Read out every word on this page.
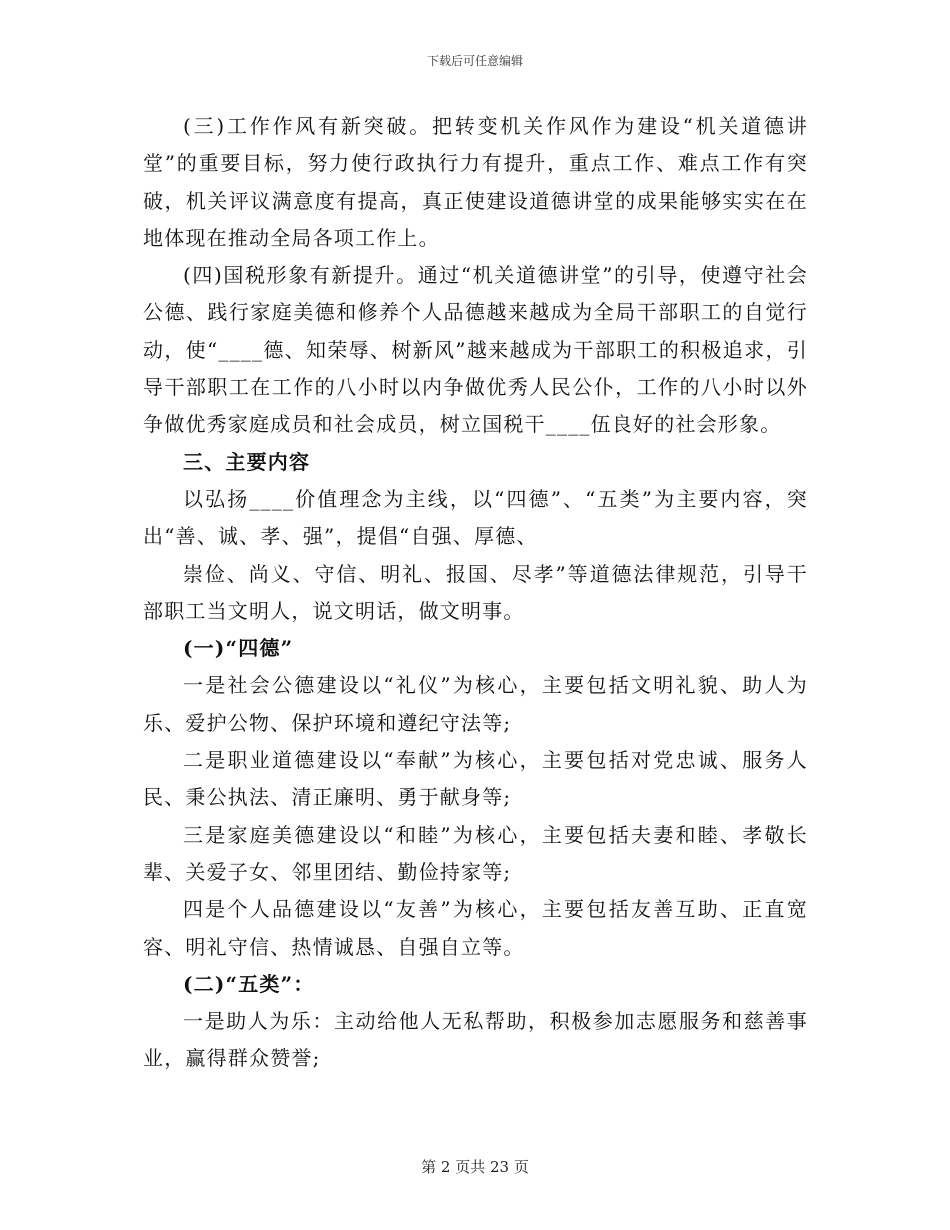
下载后可任意编辑

(三)工作作风有新突破。把转变机关作风作为建设“机关道德讲堂”的重要目标，努力使行政执行力有提升，重点工作、难点工作有突破，机关评议满意度有提高，真正使建设道德讲堂的成果能够实实在在地体现在推动全局各项工作上。

(四)国税形象有新提升。通过“机关道德讲堂”的引导，使遵守社会公德、践行家庭美德和修养个人品德越来越成为全局干部职工的自觉行动，使“____德、知荣辱、树新风”越来越成为干部职工的积极追求，引导干部职工在工作的八小时以内争做优秀人民公仆，工作的八小时以外争做优秀家庭成员和社会成员，树立国税干____伍良好的社会形象。

三、主要内容

以弘扬____价值理念为主线，以“四德”、“五类”为主要内容，突出“善、诚、孝、强”，提倡“自强、厚德、

崇俭、尚义、守信、明礼、报国、尽孝”等道德法律规范，引导干部职工当文明人，说文明话，做文明事。

(一)“四德”

一是社会公德建设以“礼仪”为核心，主要包括文明礼貌、助人为乐、爱护公物、保护环境和遵纪守法等;

二是职业道德建设以“奉献”为核心，主要包括对党忠诚、服务人民、秉公执法、清正廉明、勇于献身等;

三是家庭美德建设以“和睦”为核心，主要包括夫妻和睦、孝敬长辈、关爱子女、邻里团结、勤俭持家等;

四是个人品德建设以“友善”为核心，主要包括友善互助、正直宽容、明礼守信、热情诚恳、自强自立等。

(二)“五类”：

一是助人为乐：主动给他人无私帮助，积极参加志愿服务和慈善事业，赢得群众赞誉;

第 2 页共 23 页
